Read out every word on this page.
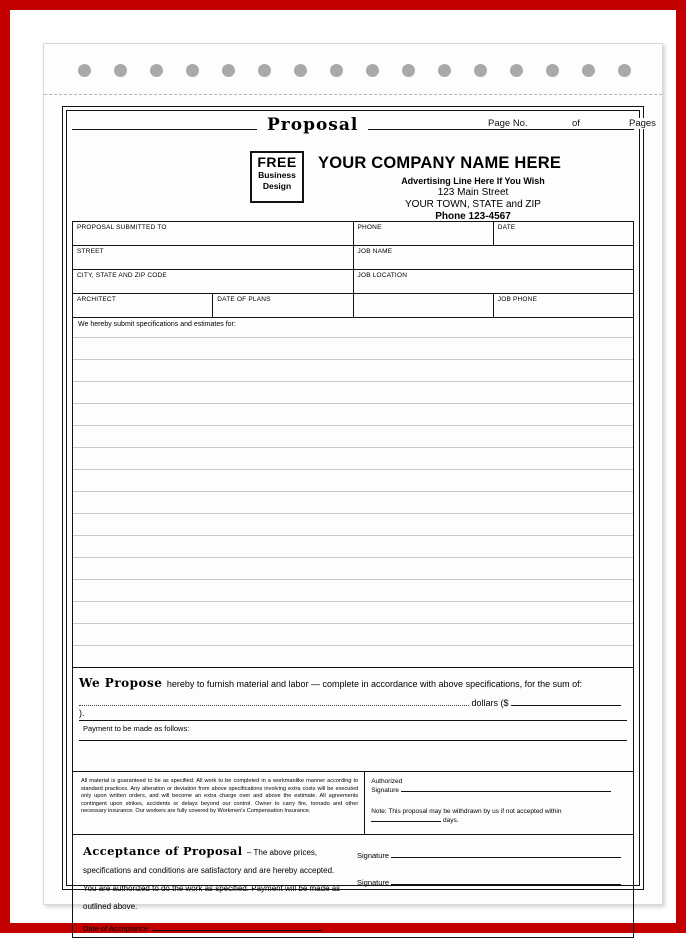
Proposal	Page No.	of	Pages
FREE
Business
Design
YOUR COMPANY NAME HERE
Advertising Line Here If You Wish
123 Main Street
YOUR TOWN, STATE and ZIP
Phone 123-4567
PROPOSAL SUBMITTED TO		PHONE	DATE
STREET		JOB NAME	
CITY, STATE AND ZIP CODE		JOB LOCATION	
ARCHITECT	DATE OF PLANS		JOB PHONE
We hereby submit specifications and estimates for:
We Propose hereby to furnish material and labor — complete in accordance with above specifications, for the sum of:
dollars ($  ).
Payment to be made as follows:
All material is guaranteed to be as specified. All work to be completed in a workmanlike manner according to standard practices. Any alteration or deviation from above specifications involving extra costs will be executed only upon written orders, and will become an extra charge over and above the estimate. All agreements contingent upon strikes, accidents or delays beyond our control. Owner to carry fire, tornado and other necessary insurance. Our workers are fully covered by Workmen's Compensation Insurance.
Authorized
Signature
Note: This proposal may be withdrawn by us if not accepted within  days.
Acceptance of Proposal – The above prices, specifications and conditions are satisfactory and are hereby accepted. You are authorized to do the work as specified. Payment will be made as outlined above.
Date of Acceptance:
Signature
Signature
